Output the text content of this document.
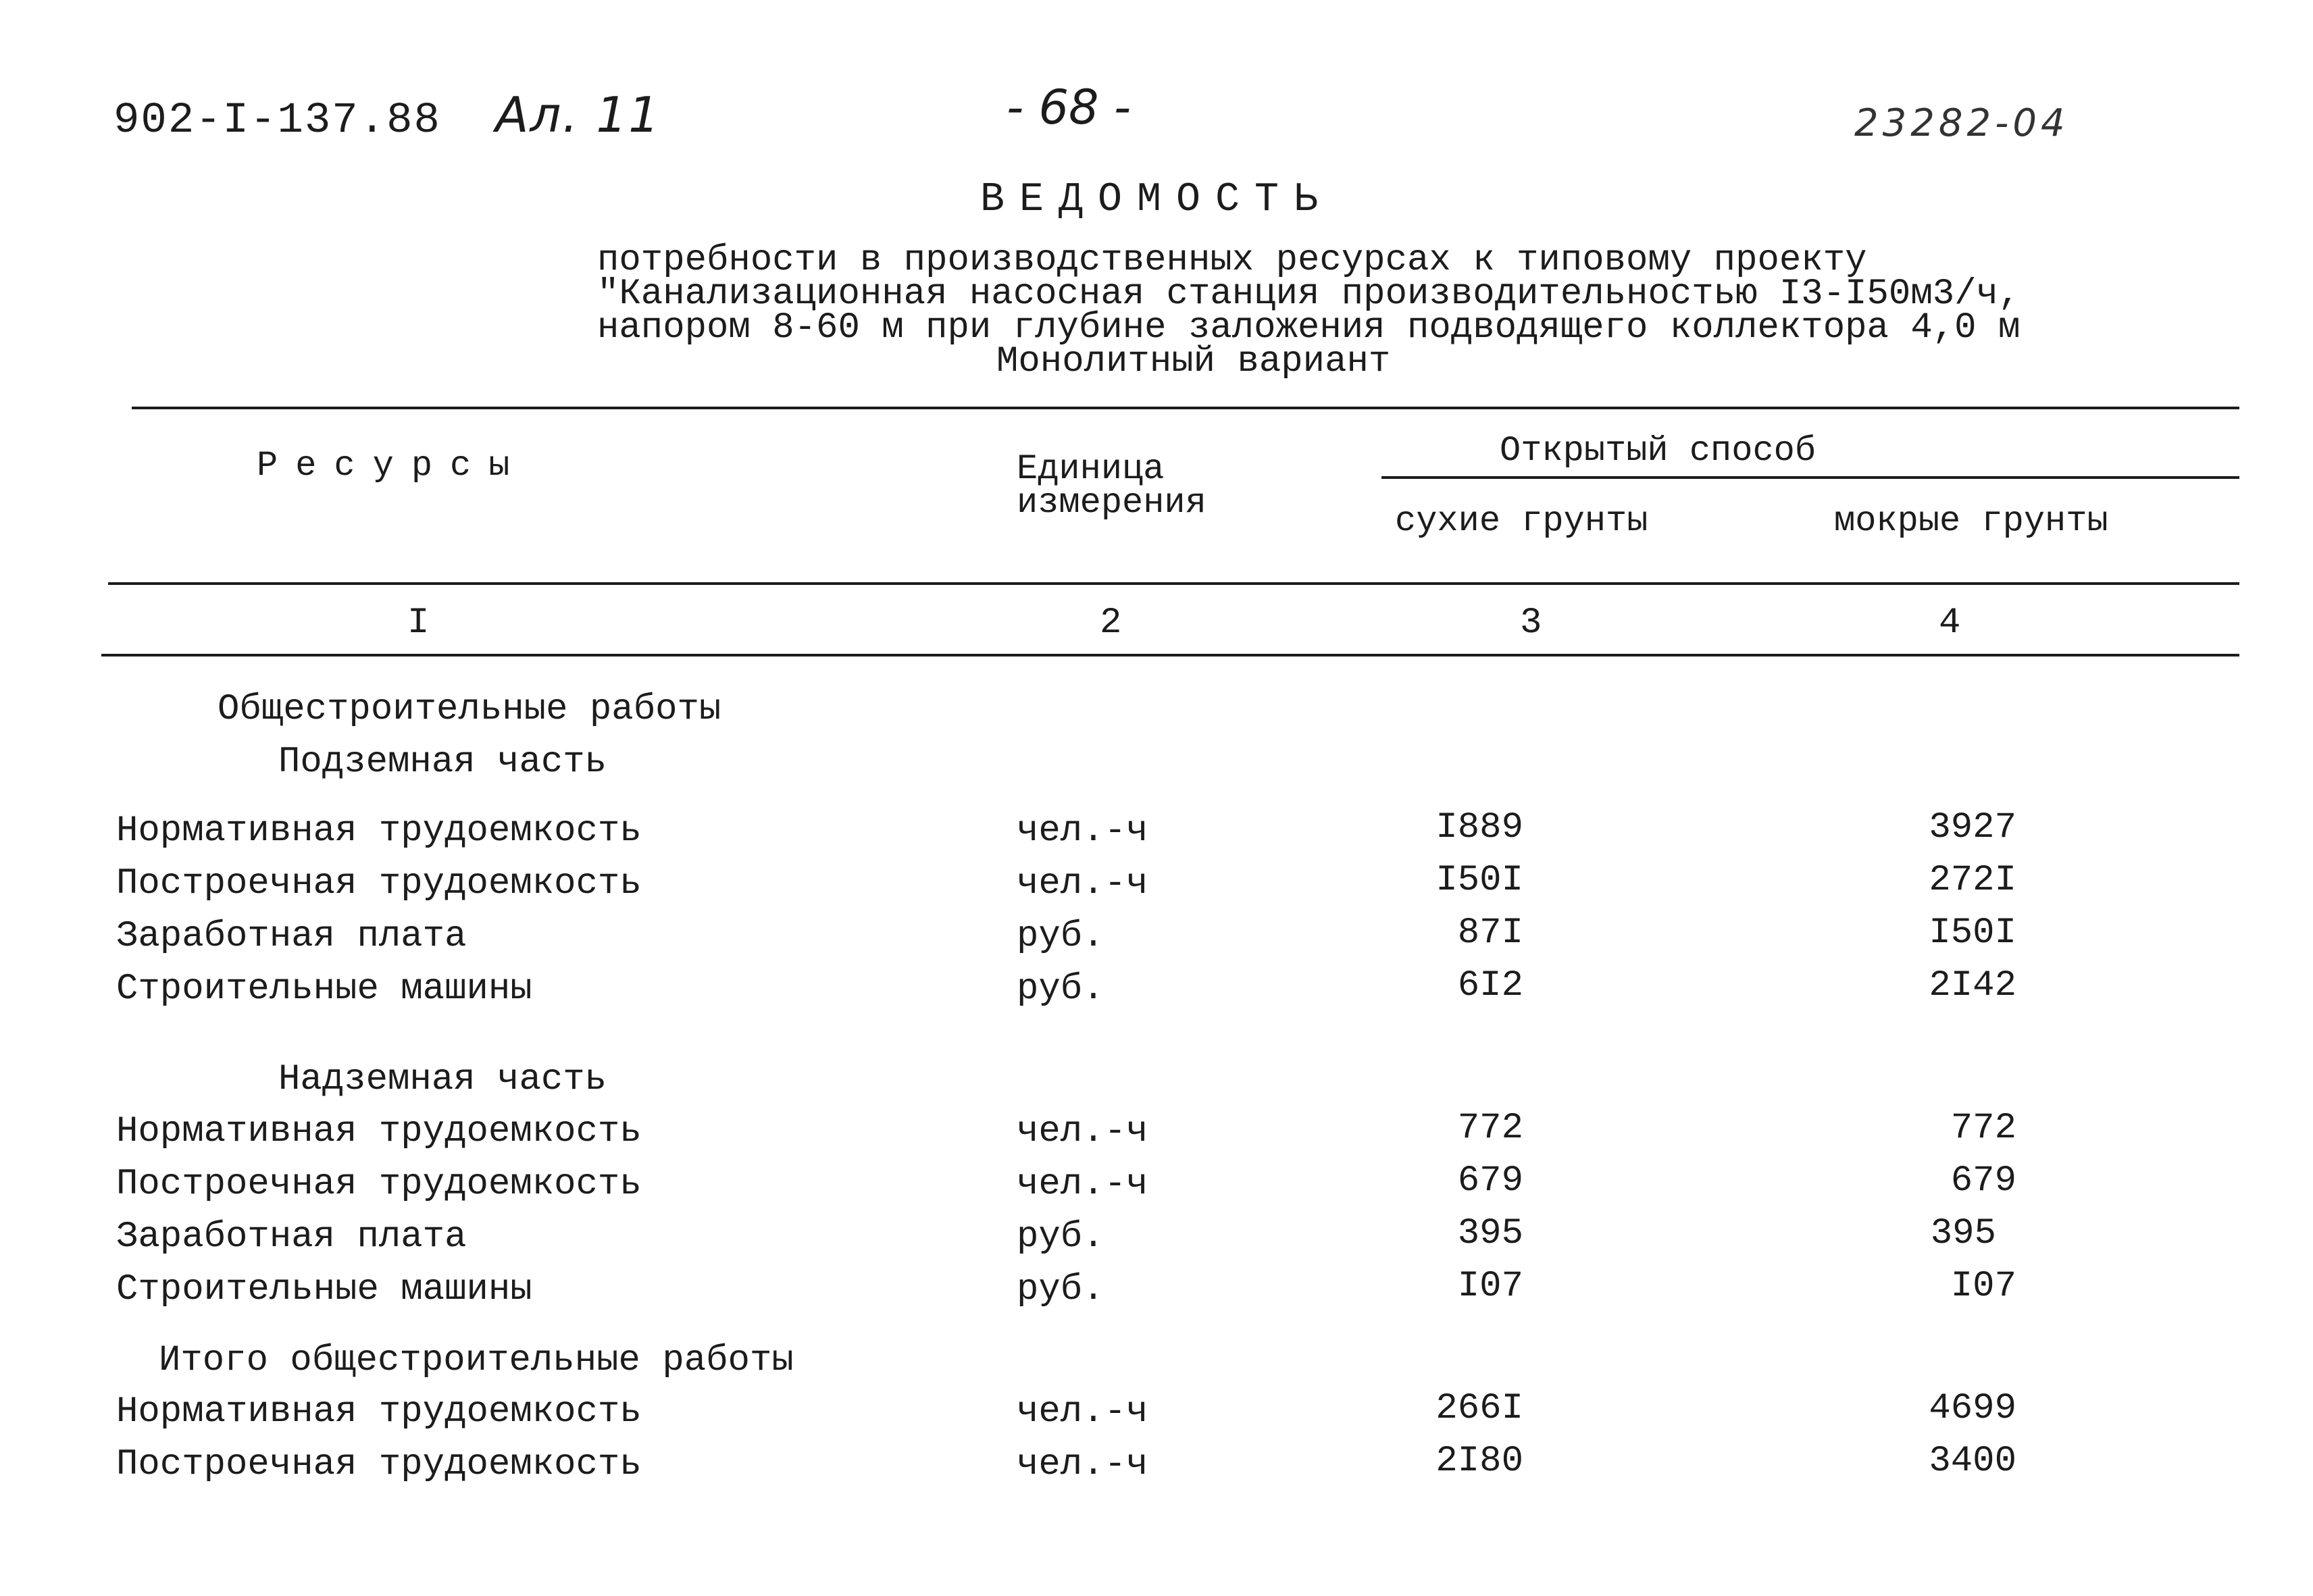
902-I-137.88 Ал. 11	- 68 -	23282-04
ВЕДОМОСТЬ
потребности в производственных ресурсах к типовому проекту
"Канализационная насосная станция производительностью I3-I50м3/ч,
напором 8-60 м при глубине заложения подводящего коллектора 4,0 м
Монолитный вариант
Ресурсы	Единица
измерения
Открытый способ
сухие грунты	мокрые грунты
I	2	3	4
Общестроительные работы
Подземная часть
Нормативная трудоемкость	чел.-ч	I889	3927
Построечная трудоемкость	чел.-ч	I50I	272I
Заработная плата	руб.	87I	I50I
Строительные машины	руб.	6I2	2I42
Надземная часть
Нормативная трудоемкость	чел.-ч	772	772
Построечная трудоемкость	чел.-ч	679	679
Заработная плата	руб.	395	395
Строительные машины	руб.	I07	I07
Итого общестроительные работы
Нормативная трудоемкость	чел.-ч	266I	4699
Построечная трудоемкость	чел.-ч	2I80	3400
